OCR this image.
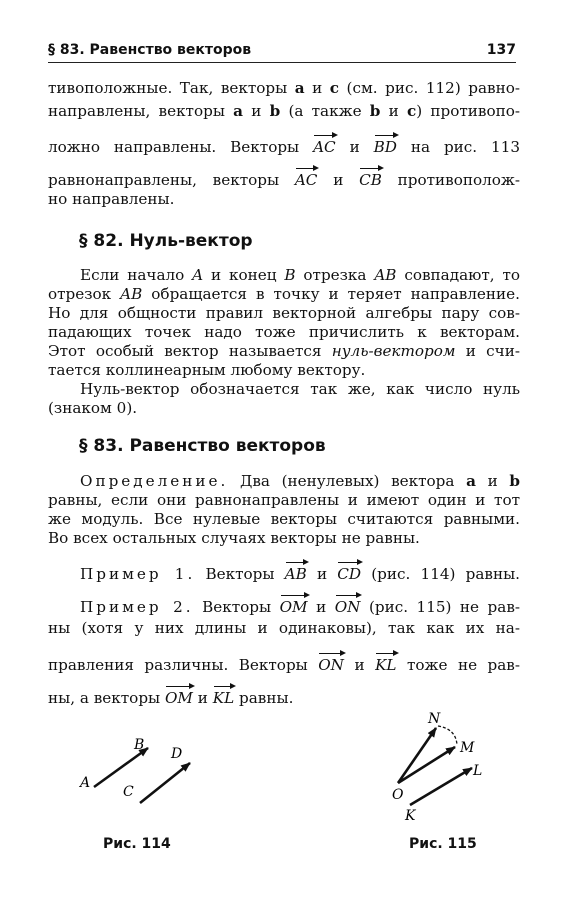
§ 83. Равенство векторов	137
тивоположные. Так, векторы a и c (см. рис. 112) равно-
направлены, векторы a и b (а также b и c) противопо-
ложно направлены. Векторы AC и BD на рис. 113
равнонаправлены, векторы AC и CB противополож-
но направлены.
§ 82. Нуль-вектор
Если начало A и конец B отрезка AB совпадают, то
отрезок AB обращается в точку и теряет направление.
Но для общности правил векторной алгебры пару сов-
падающих точек надо тоже причислить к векторам.
Этот особый вектор называется нуль-вектором и счи-
тается коллинеарным любому вектору.
Нуль-вектор обозначается так же, как число нуль
(знаком 0).
§ 83. Равенство векторов
Определение. Два (ненулевых) вектора a и b
равны, если они равнонаправлены и имеют один и тот
же модуль. Все нулевые векторы считаются равными.
Во всех остальных случаях векторы не равны.
Пример 1. Векторы AB и CD (рис. 114) равны.
Пример 2. Векторы OM и ON (рис. 115) не рав-
ны (хотя у них длины и одинаковы), так как их на-
правления различны. Векторы ON и KL тоже не рав-
ны, а векторы OM и KL равны.
A
B
C
D
Рис. 114
N
M
O
L
K
Рис. 115
